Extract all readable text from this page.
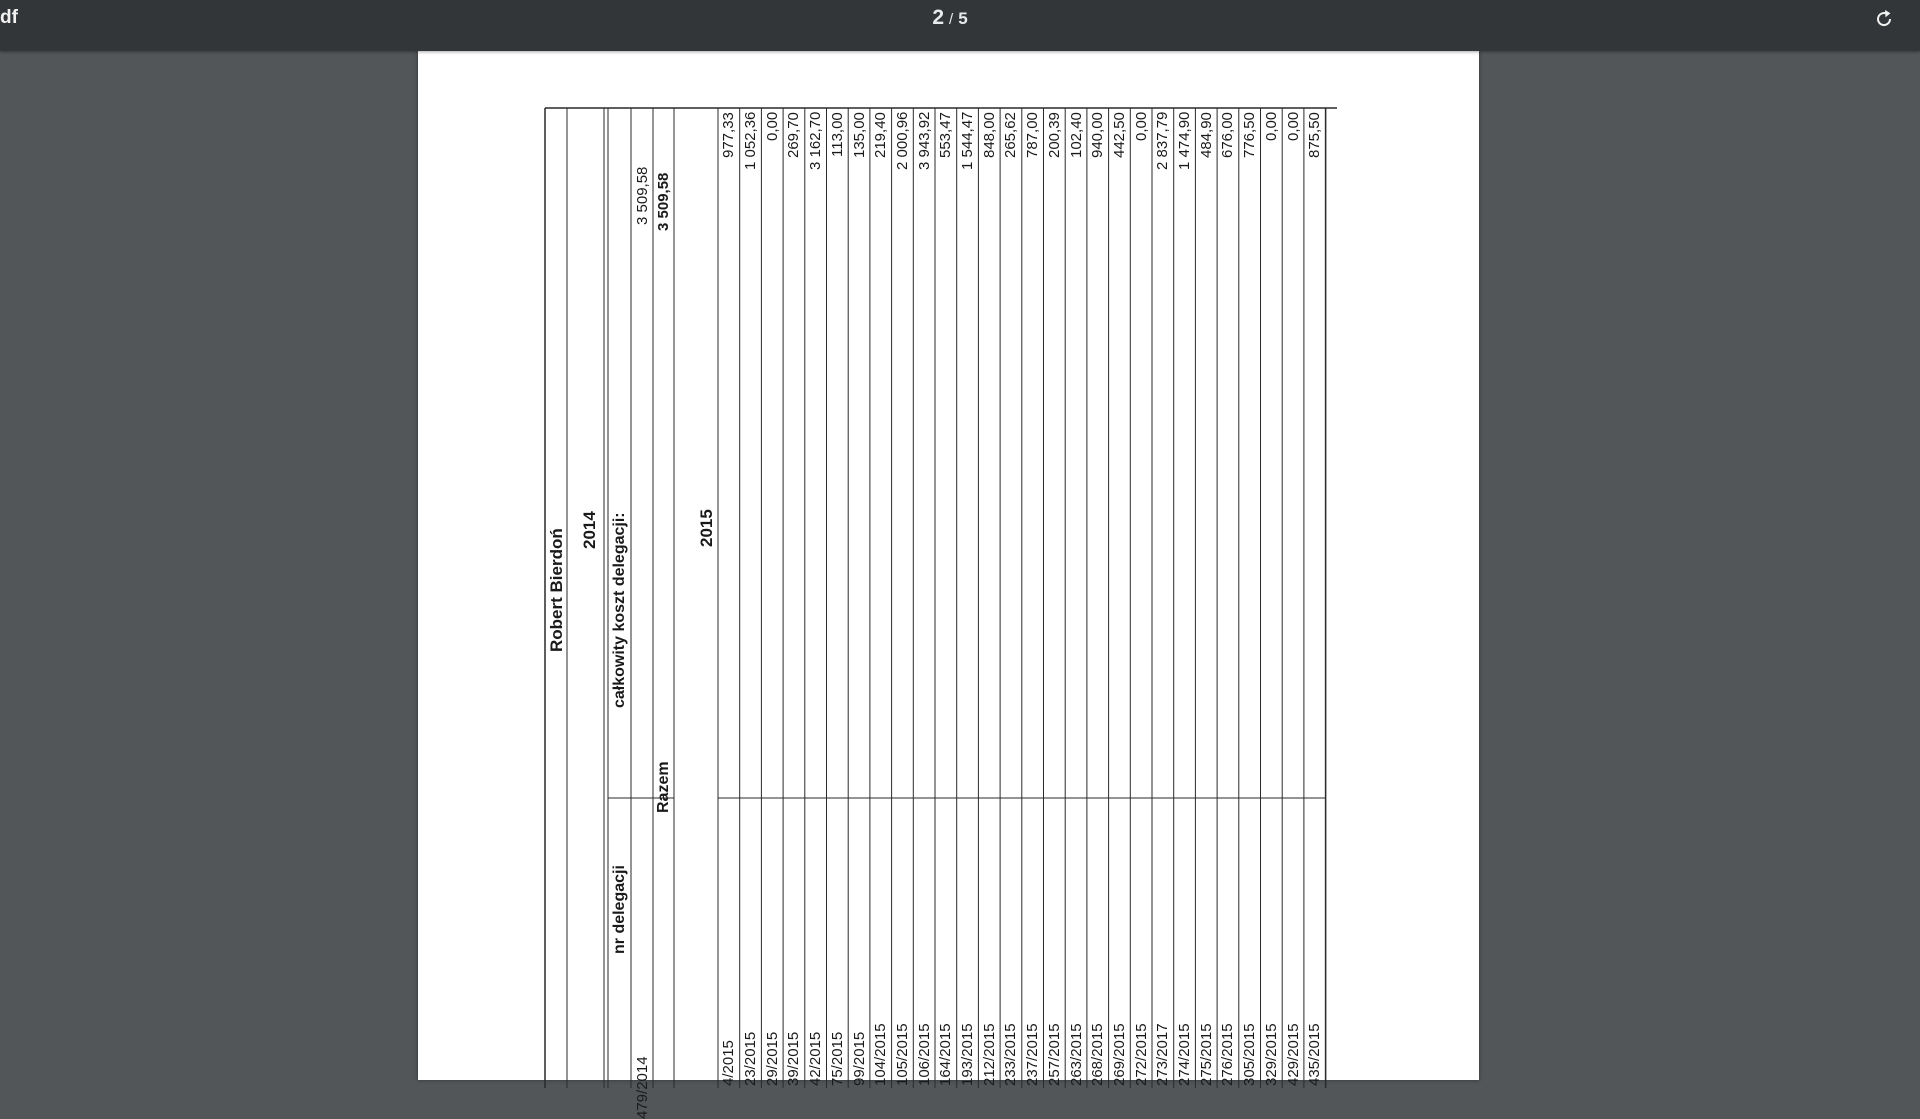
df	2 / 5
Robert Bierdoń 2014
nr delegacji
całkowity koszt delegacji:
479/2014
3 509,58
Razem
3 509,58
2015
4/2015
977,33
23/2015
1 052,36
29/2015
0,00
39/2015
269,70
42/2015
3 162,70
75/2015
113,00
99/2015
135,00
104/2015
219,40
105/2015
2 000,96
106/2015
3 943,92
164/2015
553,47
193/2015
1 544,47
212/2015
848,00
233/2015
265,62
237/2015
787,00
257/2015
200,39
263/2015
102,40
268/2015
940,00
269/2015
442,50
272/2015
0,00
273/2017
2 837,79
274/2015
1 474,90
275/2015
484,90
276/2015
676,00
305/2015
776,50
329/2015
0,00
429/2015
0,00
435/2015
875,50
